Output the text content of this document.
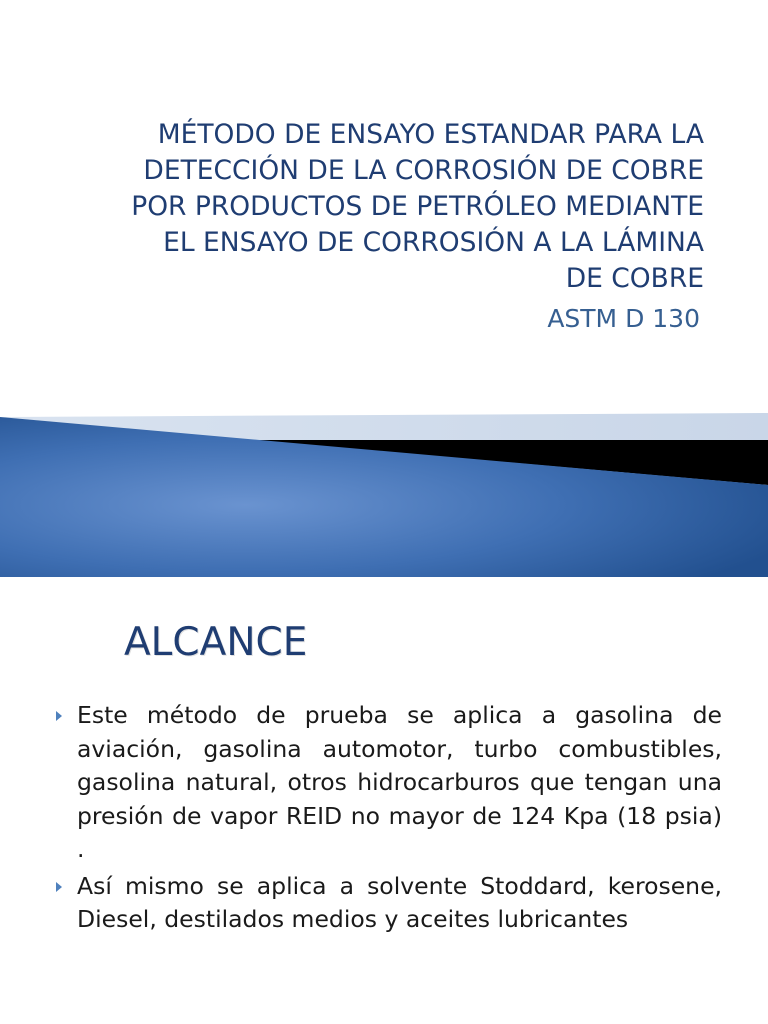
MÉTODO DE ENSAYO ESTANDAR PARA LA
DETECCIÓN DE LA CORROSIÓN DE COBRE
POR PRODUCTOS DE PETRÓLEO MEDIANTE
EL ENSAYO DE CORROSIÓN A LA LÁMINA
DE COBRE
ASTM D 130
ALCANCE
Este método de prueba se aplica a gasolina de aviación, gasolina automotor, turbo combustibles, gasolina natural, otros hidrocarburos que tengan una presión de vapor REID no mayor de 124 Kpa (18 psia) .
Así mismo se aplica a solvente Stoddard, kerosene, Diesel, destilados medios y aceites lubricantes
